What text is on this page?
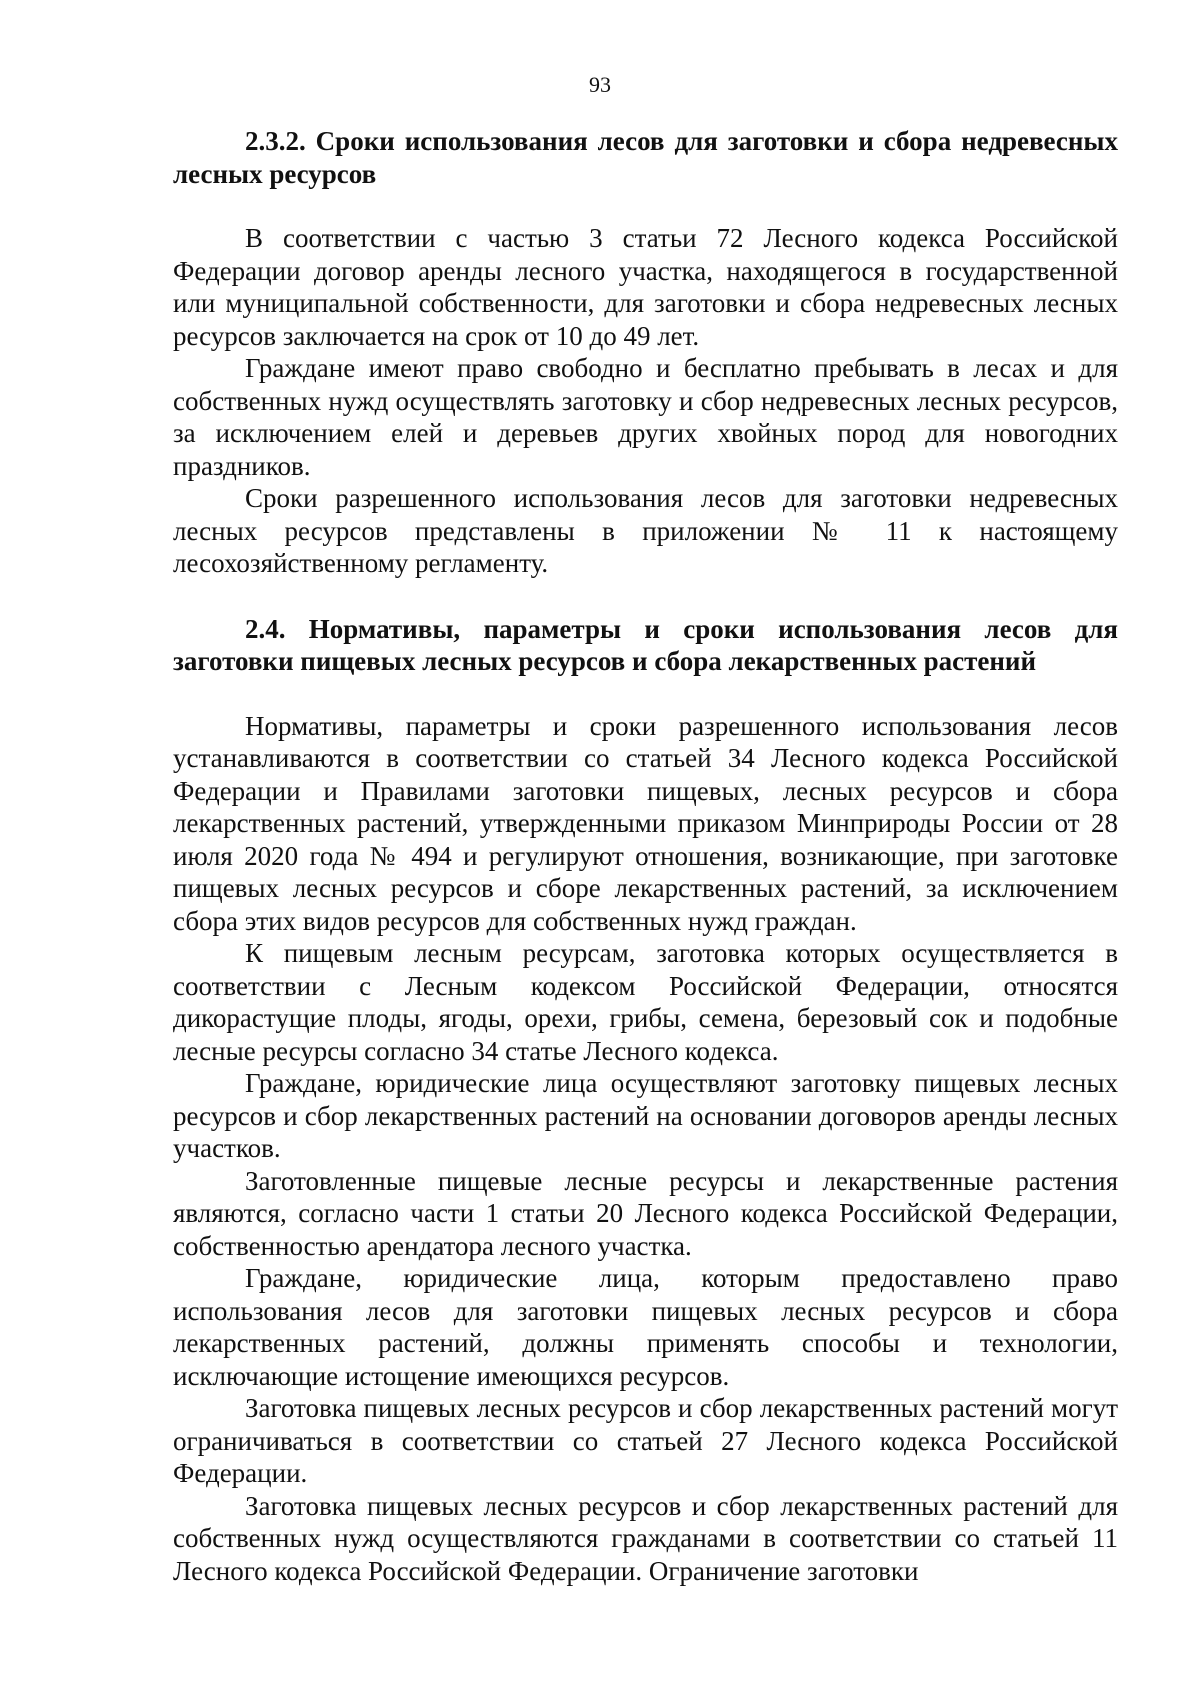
93

2.3.2. Сроки использования лесов для заготовки и сбора недревесных лесных ресурсов

В соответствии с частью 3 статьи 72 Лесного кодекса Российской Федерации договор аренды лесного участка, находящегося в государственной или муниципальной собственности, для заготовки и сбора недревесных лесных ресурсов заключается на срок от 10 до 49 лет.

Граждане имеют право свободно и бесплатно пребывать в лесах и для собственных нужд осуществлять заготовку и сбор недревесных лесных ресурсов, за исключением елей и деревьев других хвойных пород для новогодних праздников.

Сроки разрешенного использования лесов для заготовки недревесных лесных ресурсов представлены в приложении № 11 к настоящему лесохозяйственному регламенту.

2.4. Нормативы, параметры и сроки использования лесов для заготовки пищевых лесных ресурсов и сбора лекарственных растений

Нормативы, параметры и сроки разрешенного использования лесов устанавливаются в соответствии со статьей 34 Лесного кодекса Российской Федерации и Правилами заготовки пищевых, лесных ресурсов и сбора лекарственных растений, утвержденными приказом Минприроды России от 28 июля 2020 года № 494 и регулируют отношения, возникающие, при заготовке пищевых лесных ресурсов и сборе лекарственных растений, за исключением сбора этих видов ресурсов для собственных нужд граждан.

К пищевым лесным ресурсам, заготовка которых осуществляется в соответствии с Лесным кодексом Российской Федерации, относятся дикорастущие плоды, ягоды, орехи, грибы, семена, березовый сок и подобные лесные ресурсы согласно 34 статье Лесного кодекса.

Граждане, юридические лица осуществляют заготовку пищевых лесных ресурсов и сбор лекарственных растений на основании договоров аренды лесных участков.

Заготовленные пищевые лесные ресурсы и лекарственные растения являются, согласно части 1 статьи 20 Лесного кодекса Российской Федерации, собственностью арендатора лесного участка.

Граждане, юридические лица, которым предоставлено право использования лесов для заготовки пищевых лесных ресурсов и сбора лекарственных растений, должны применять способы и технологии, исключающие истощение имеющихся ресурсов.

Заготовка пищевых лесных ресурсов и сбор лекарственных растений могут ограничиваться в соответствии со статьей 27 Лесного кодекса Российской Федерации.

Заготовка пищевых лесных ресурсов и сбор лекарственных растений для собственных нужд осуществляются гражданами в соответствии со статьей 11 Лесного кодекса Российской Федерации. Ограничение заготовки
